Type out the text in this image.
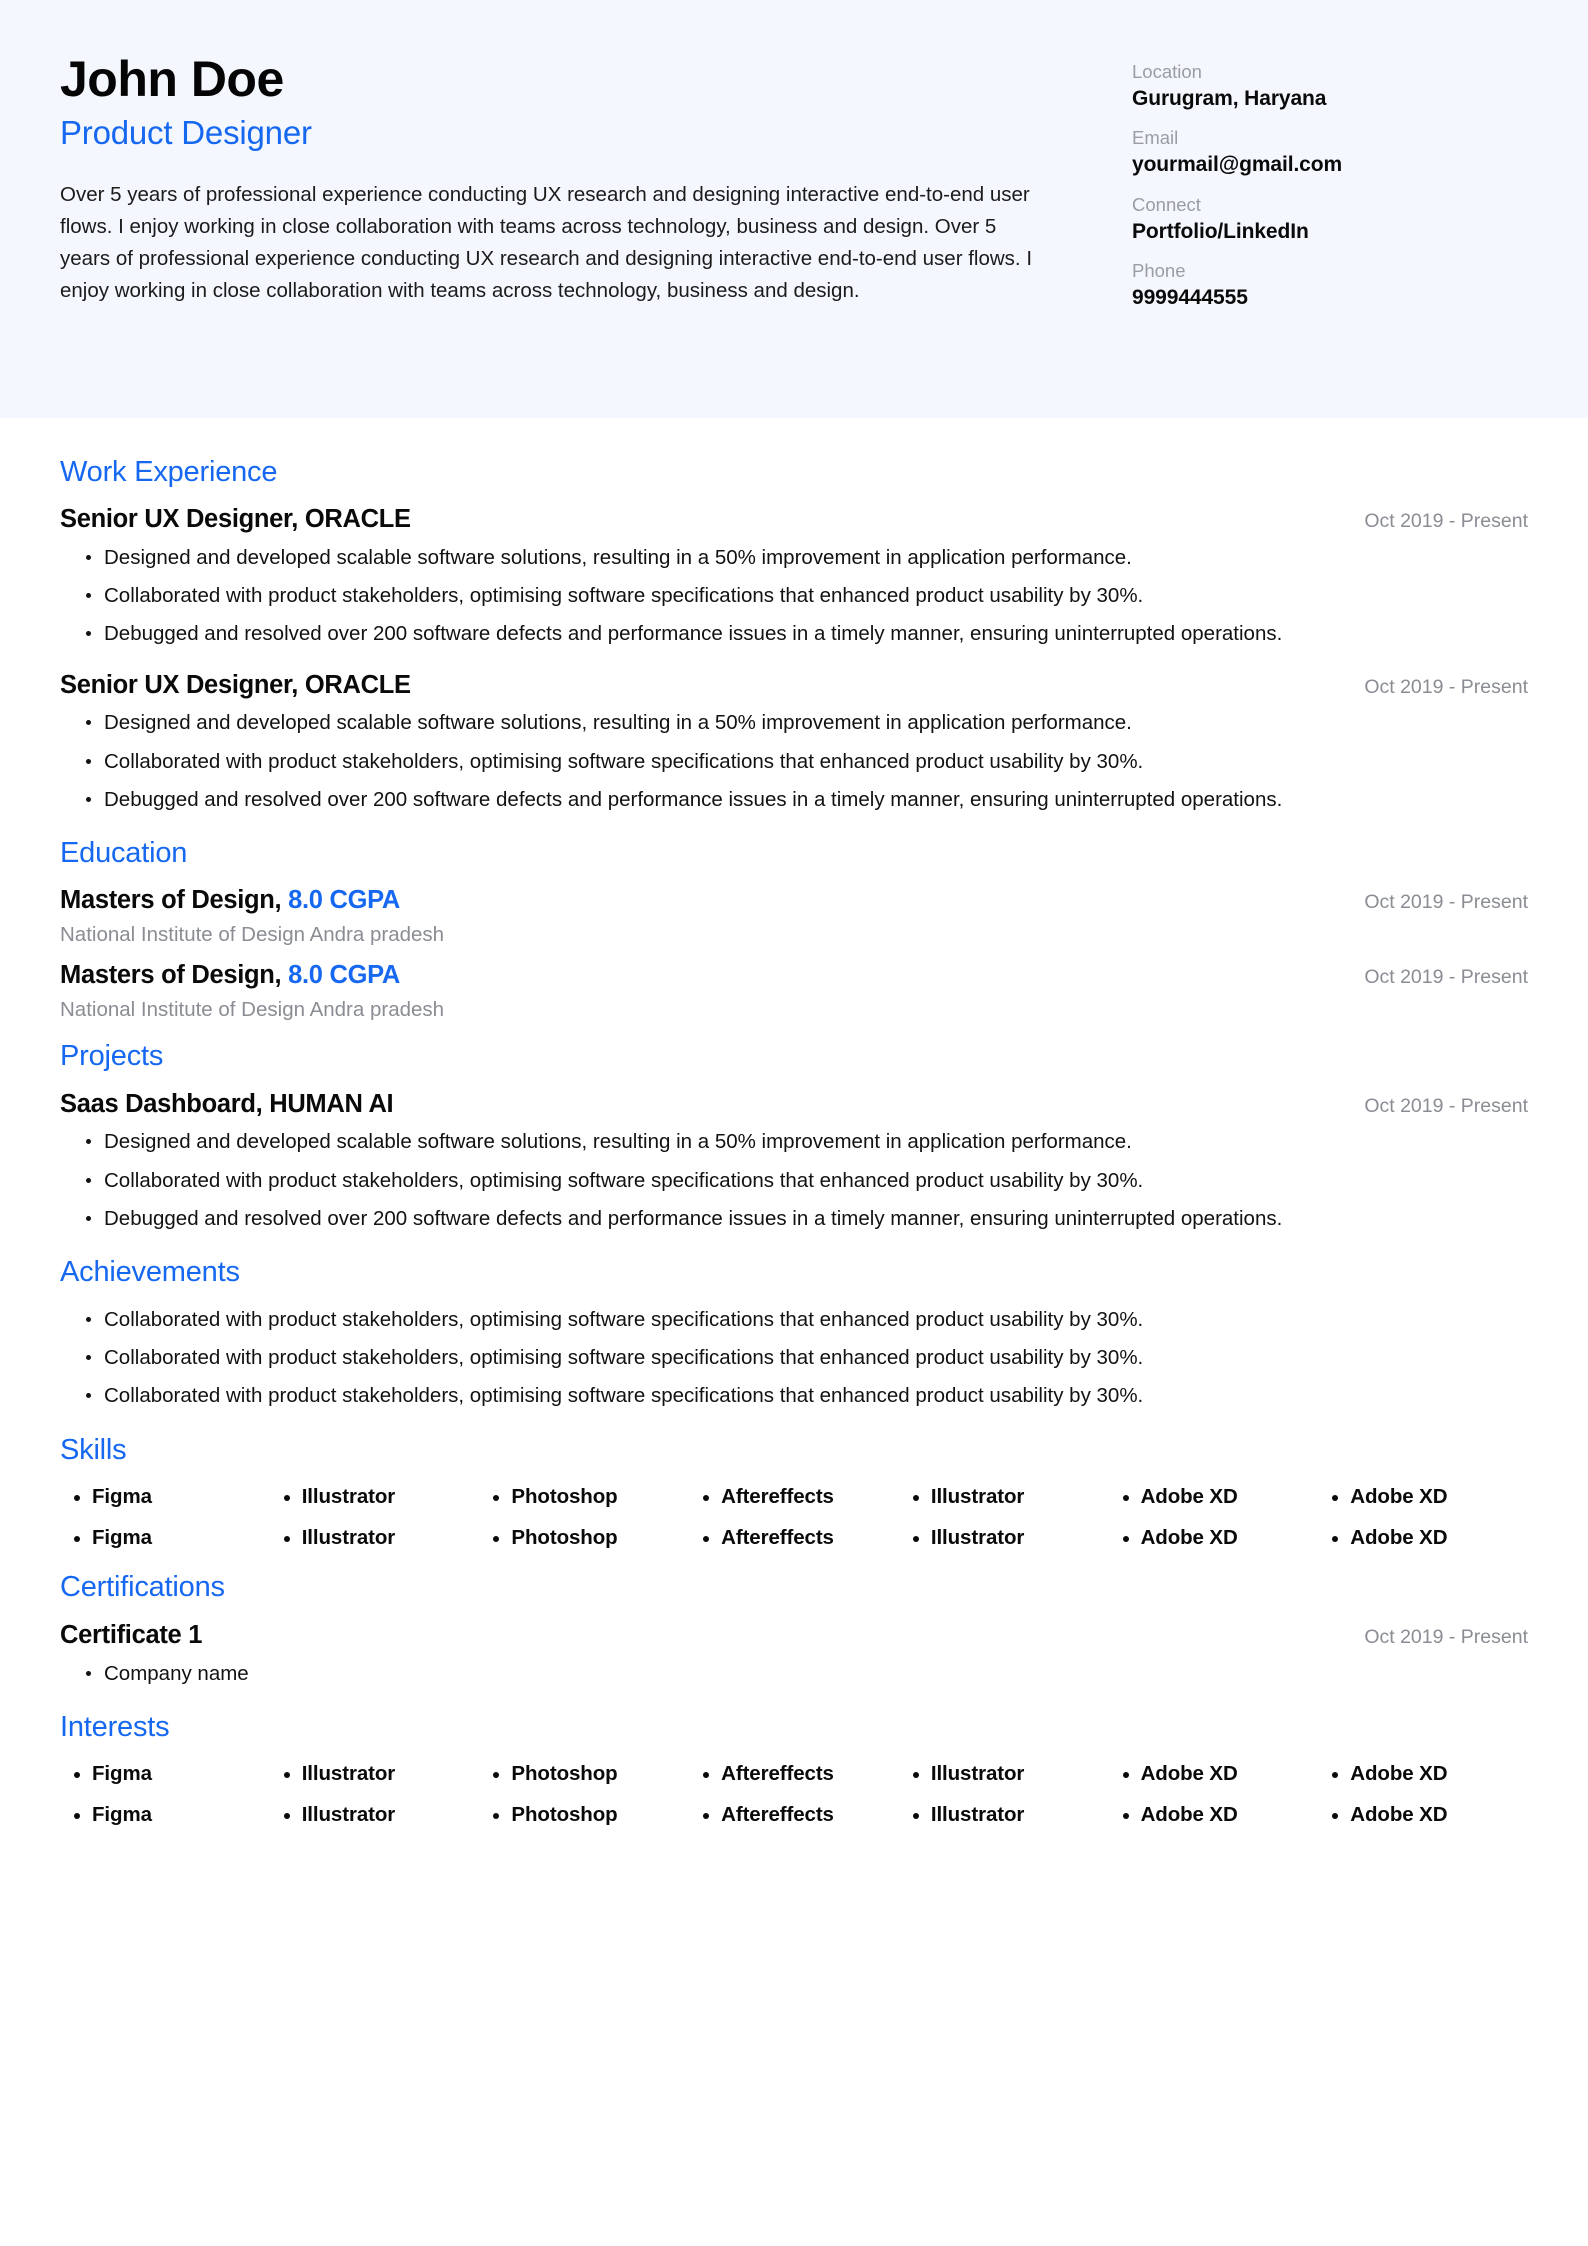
John Doe
Product Designer

Over 5 years of professional experience conducting UX research and designing interactive end-to-end user flows. I enjoy working in close collaboration with teams across technology, business and design. Over 5 years of professional experience conducting UX research and designing interactive end-to-end user flows. I enjoy working in close collaboration with teams across technology, business and design.

Location
Gurugram, Haryana
Email
yourmail@gmail.com
Connect
Portfolio/LinkedIn
Phone
9999444555
Work Experience
Senior UX Designer, ORACLE	Oct 2019 - Present
Designed and developed scalable software solutions, resulting in a 50% improvement in application performance.
Collaborated with product stakeholders, optimising software specifications that enhanced product usability by 30%.
Debugged and resolved over 200 software defects and performance issues in a timely manner, ensuring uninterrupted operations.
Senior UX Designer, ORACLE	Oct 2019 - Present
Designed and developed scalable software solutions, resulting in a 50% improvement in application performance.
Collaborated with product stakeholders, optimising software specifications that enhanced product usability by 30%.
Debugged and resolved over 200 software defects and performance issues in a timely manner, ensuring uninterrupted operations.
Education
Masters of Design, 8.0 CGPA	Oct 2019 - Present
National Institute of Design Andra pradesh
Masters of Design, 8.0 CGPA	Oct 2019 - Present
National Institute of Design Andra pradesh
Projects
Saas Dashboard, HUMAN AI	Oct 2019 - Present
Designed and developed scalable software solutions, resulting in a 50% improvement in application performance.
Collaborated with product stakeholders, optimising software specifications that enhanced product usability by 30%.
Debugged and resolved over 200 software defects and performance issues in a timely manner, ensuring uninterrupted operations.
Achievements
Collaborated with product stakeholders, optimising software specifications that enhanced product usability by 30%.
Collaborated with product stakeholders, optimising software specifications that enhanced product usability by 30%.
Collaborated with product stakeholders, optimising software specifications that enhanced product usability by 30%.
Skills
Figma	Illustrator	Photoshop	Aftereffects	Illustrator	Adobe XD	Adobe XD
Figma	Illustrator	Photoshop	Aftereffects	Illustrator	Adobe XD	Adobe XD
Certifications
Certificate 1	Oct 2019 - Present
Company name
Interests
Figma	Illustrator	Photoshop	Aftereffects	Illustrator	Adobe XD	Adobe XD
Figma	Illustrator	Photoshop	Aftereffects	Illustrator	Adobe XD	Adobe XD
